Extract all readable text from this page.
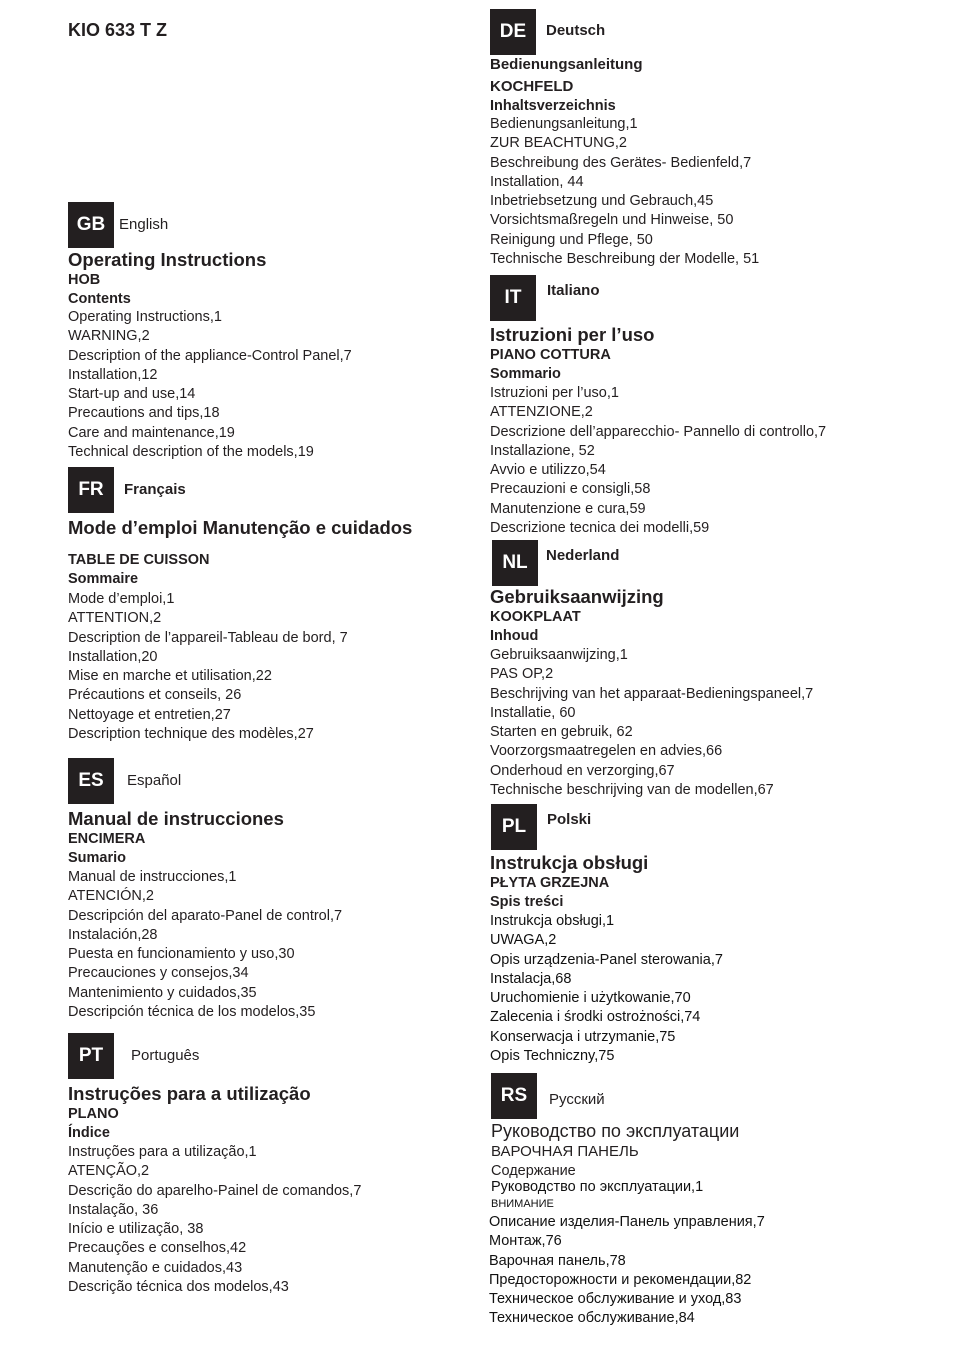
KIO 633 T Z
GB English
Operating Instructions
HOB
Contents
Operating Instructions,1
WARNING,2
Description of the appliance-Control Panel,7
Installation,12
Start-up and use,14
Precautions and tips,18
Care and maintenance,19
Technical description of the models,19
FR	Français
Mode d’emploi Manutenção e cuidados
TABLE DE CUISSON
Sommaire
Mode d’emploi,1
ATTENTION,2
Description de l’appareil-Tableau de bord, 7
Installation,20
Mise en marche et utilisation,22
Précautions et conseils, 26
Nettoyage et entretien,27
Description technique des modèles,27
ES	Español
Manual de instrucciones
ENCIMERA
Sumario
Manual de instrucciones,1
ATENCIÓN,2
Descripción del aparato-Panel de control,7
Instalación,28
Puesta en funcionamiento y uso,30
Precauciones y consejos,34
Mantenimiento y cuidados,35
Descripción técnica de los modelos,35
PT	Português
Instruções para a utilização
PLANO
Índice
Instruções para a utilização,1
ATENÇÃO,2
Descrição do aparelho-Painel de comandos,7
Instalação, 36
Início e utilização, 38
Precauções e conselhos,42
Manutenção e cuidados,43
Descrição técnica dos modelos,43
DE	Deutsch
Bedienungsanleitung
KOCHFELD
Inhaltsverzeichnis
Bedienungsanleitung,1
ZUR BEACHTUNG,2
Beschreibung des Gerätes- Bedienfeld,7
Installation, 44
Inbetriebsetzung und Gebrauch,45
Vorsichtsmaßregeln und Hinweise, 50
Reinigung und Pflege, 50
Technische Beschreibung der Modelle, 51
IT	Italiano
Istruzioni per l’uso
PIANO COTTURA
Sommario
Istruzioni per l’uso,1
ATTENZIONE,2
Descrizione dell’apparecchio- Pannello di controllo,7
Installazione, 52
Avvio e utilizzo,54
Precauzioni e consigli,58
Manutenzione e cura,59
Descrizione tecnica dei modelli,59
NL	Nederland
Gebruiksaanwijzing
KOOKPLAAT
Inhoud
Gebruiksaanwijzing,1
PAS OP,2
Beschrijving van het apparaat-Bedieningspaneel,7
Installatie, 60
Starten en gebruik, 62
Voorzorgsmaatregelen en advies,66
Onderhoud en verzorging,67
Technische beschrijving van de modellen,67
PL	Polski
Instrukcja obsługi
PŁYTA GRZEJNA
Spis treści
Instrukcja obsługi,1
UWAGA,2
Opis urządzenia-Panel sterowania,7
Instalacja,68
Uruchomienie i użytkowanie,70
Zalecenia i środki ostrożności,74
Konserwacja i utrzymanie,75
Opis Techniczny,75
RS	Русский
Руководство по эксплуатации
ВАРОЧНАЯ ПАНЕЛЬ
Содержание
Руководство по эксплуатации,1
ВНИМАНИЕ
Описание изделия-Панель управления,7
Монтаж,76
Варочная панель,78
Предосторожности и рекомендации,82
Техническое обслуживание и уход,83
Техническое обслуживание,84
